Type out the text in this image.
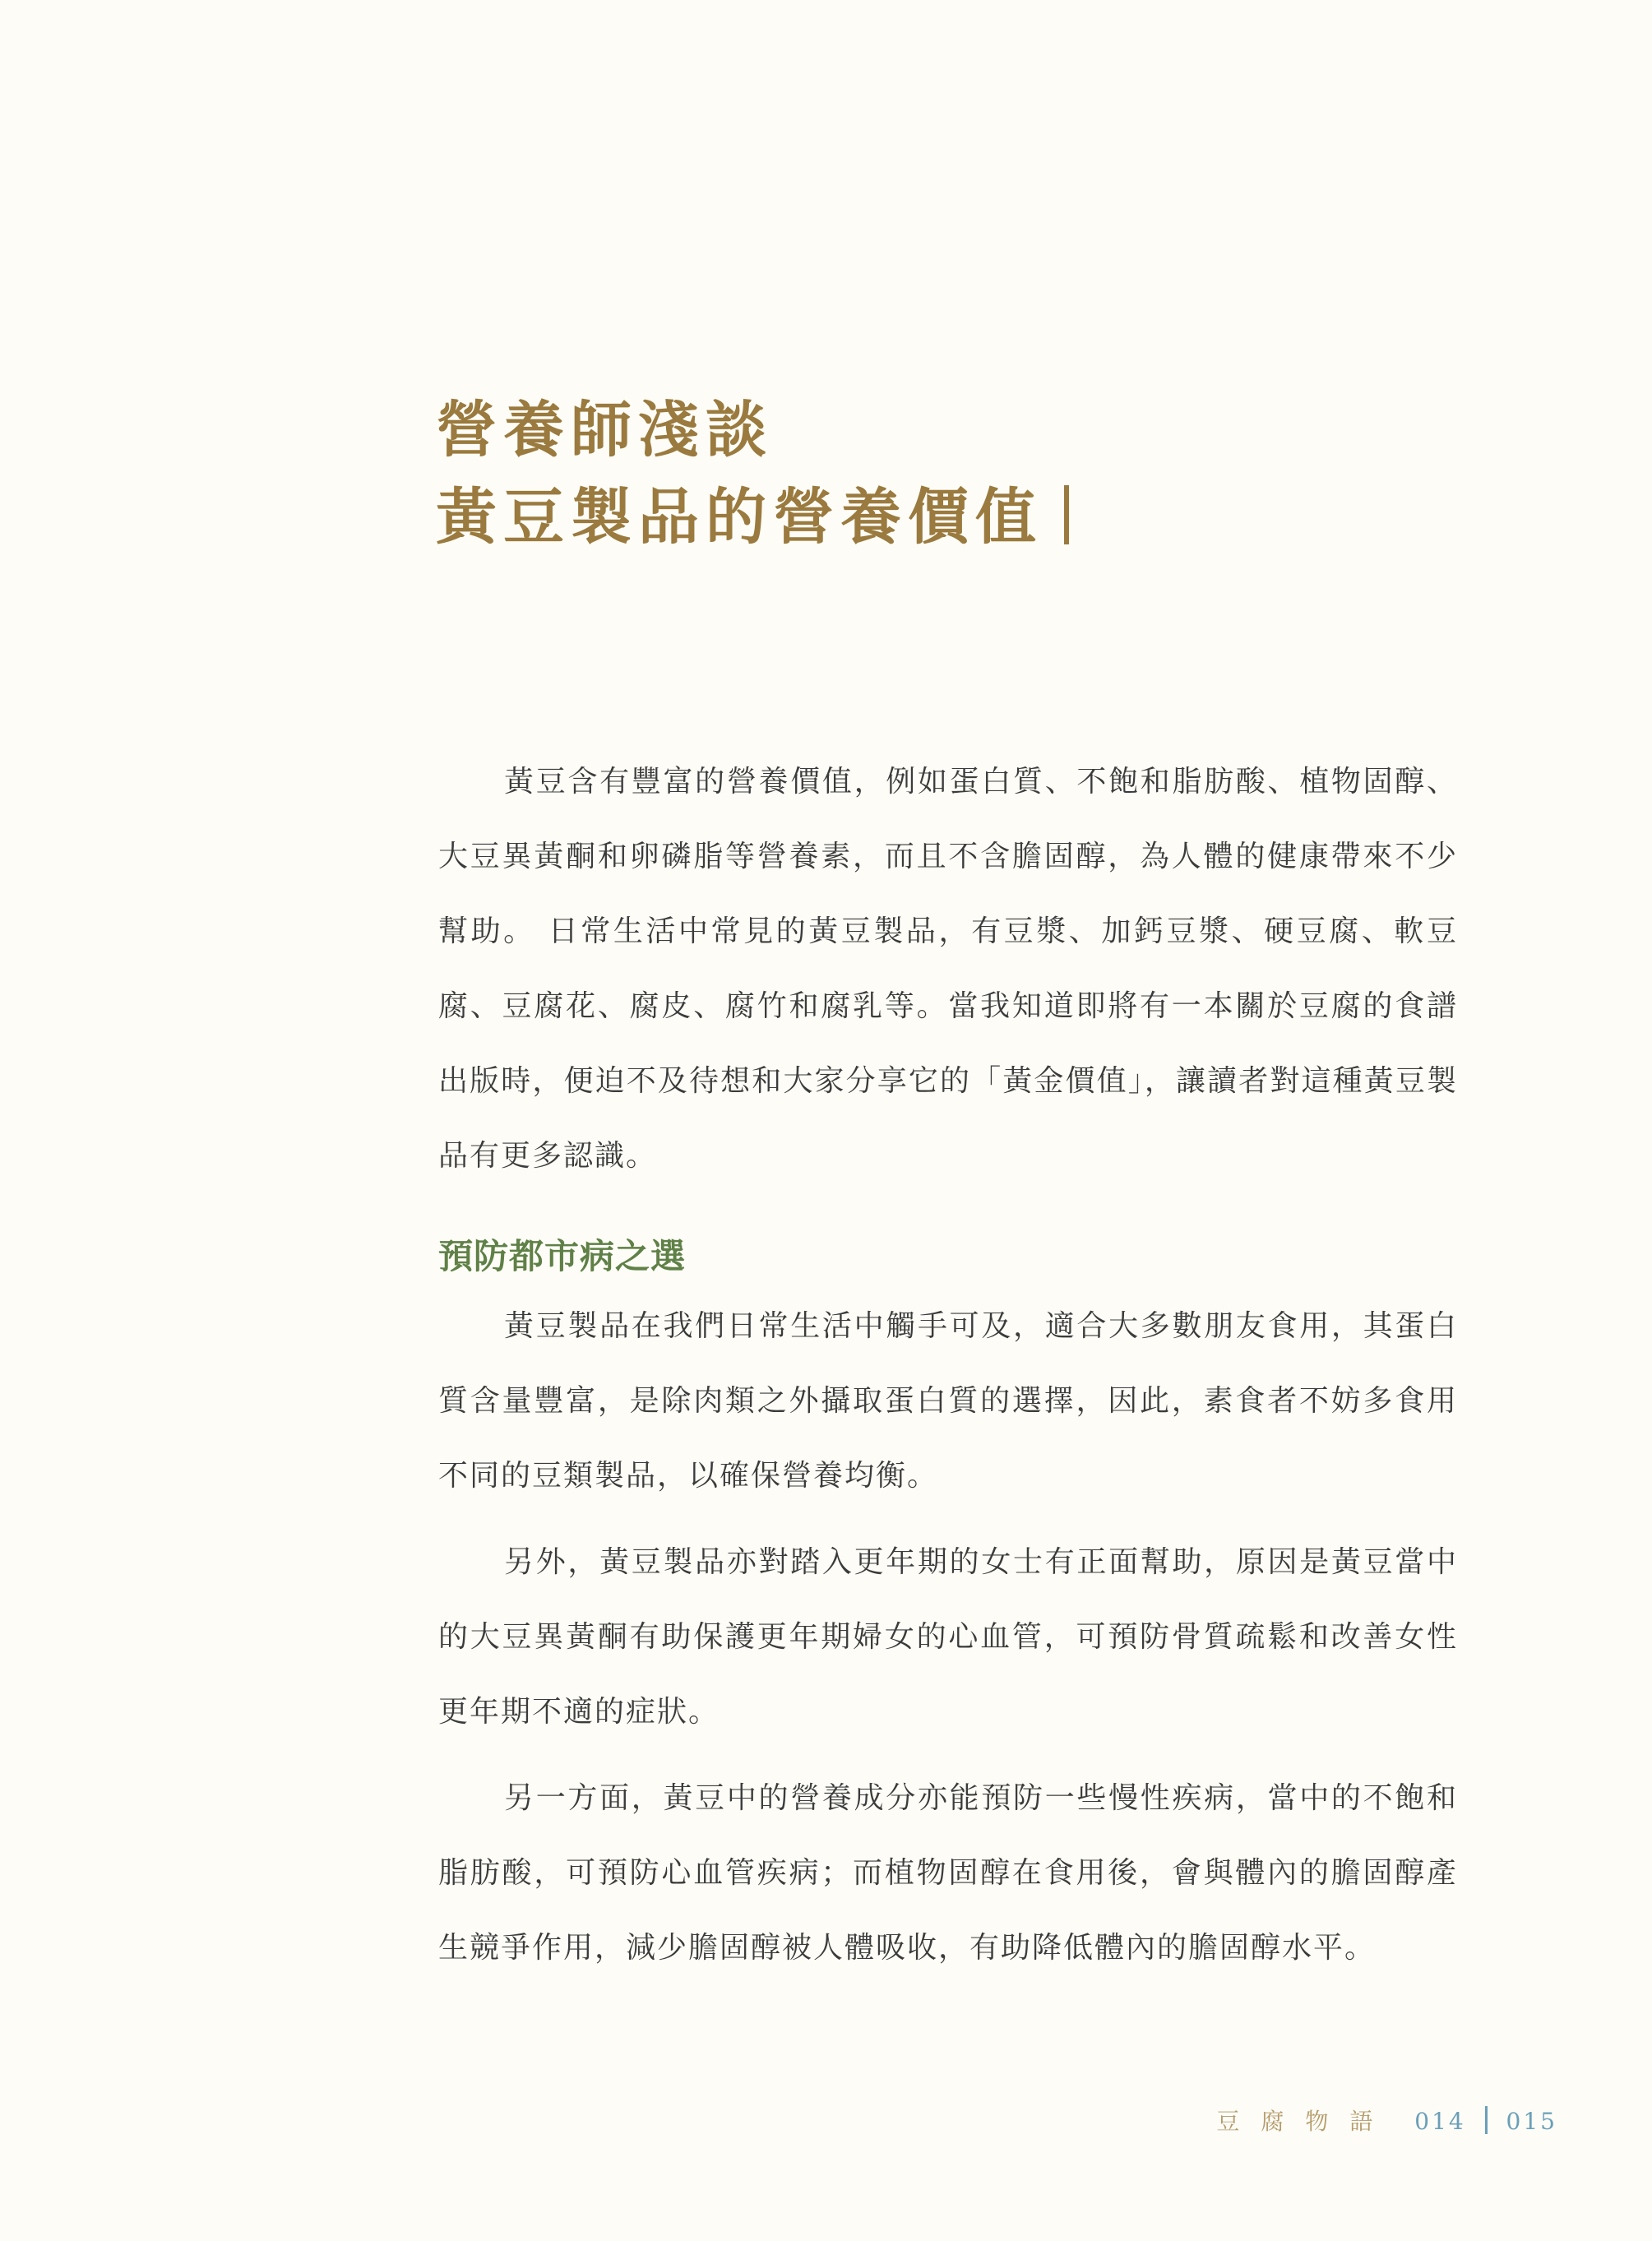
營養師淺談
黃豆製品的營養價值

黃豆含有豐富的營養價值，例如蛋白質、不飽和脂肪酸、植物固醇、大豆異黃酮和卵磷脂等營養素，而且不含膽固醇，為人體的健康帶來不少幫助。 日常生活中常見的黃豆製品，有豆漿、加鈣豆漿、硬豆腐、軟豆腐、豆腐花、腐皮、腐竹和腐乳等。當我知道即將有一本關於豆腐的食譜出版時，便迫不及待想和大家分享它的「黃金價值」，讓讀者對這種黃豆製品有更多認識。

預防都市病之選

黃豆製品在我們日常生活中觸手可及，適合大多數朋友食用，其蛋白質含量豐富，是除肉類之外攝取蛋白質的選擇，因此，素食者不妨多食用不同的豆類製品，以確保營養均衡。

另外，黃豆製品亦對踏入更年期的女士有正面幫助，原因是黃豆當中的大豆異黃酮有助保護更年期婦女的心血管，可預防骨質疏鬆和改善女性更年期不適的症狀。

另一方面，黃豆中的營養成分亦能預防一些慢性疾病，當中的不飽和脂肪酸，可預防心血管疾病；而植物固醇在食用後，會與體內的膽固醇產生競爭作用，減少膽固醇被人體吸收，有助降低體內的膽固醇水平。

豆腐物語 014 015
